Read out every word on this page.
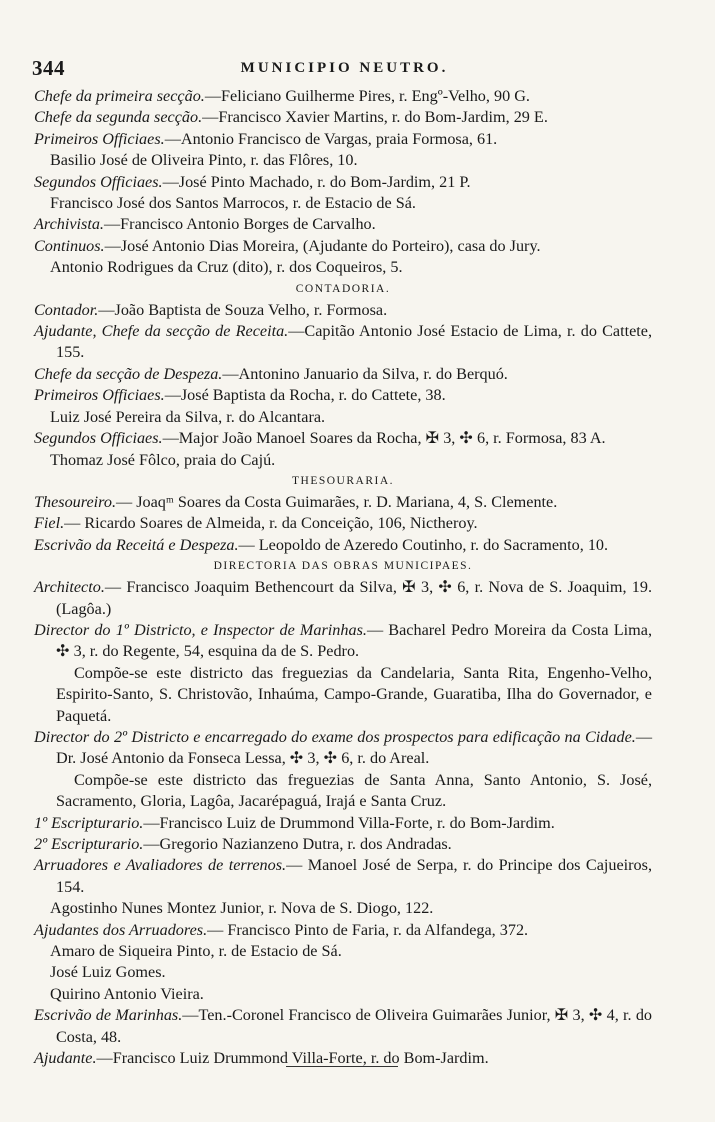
344	MUNICIPIO NEUTRO.

Chefe da primeira secção.—Feliciano Guilherme Pires, r. Engº-Velho, 90 G.

Chefe da segunda secção.—Francisco Xavier Martins, r. do Bom-Jardim, 29 E.

Primeiros Officiaes.—Antonio Francisco de Vargas, praia Formosa, 61.

Basilio José de Oliveira Pinto, r. das Flôres, 10.

Segundos Officiaes.—José Pinto Machado, r. do Bom-Jardim, 21 P.

Francisco José dos Santos Marrocos, r. de Estacio de Sá.

Archivista.—Francisco Antonio Borges de Carvalho.

Continuos.—José Antonio Dias Moreira, (Ajudante do Porteiro), casa do Jury.

Antonio Rodrigues da Cruz (dito), r. dos Coqueiros, 5.

CONTADORIA.

Contador.—João Baptista de Souza Velho, r. Formosa.

Ajudante, Chefe da secção de Receita.—Capitão Antonio José Estacio de Lima, r. do Cattete, 155.

Chefe da secção de Despeza.—Antonino Januario da Silva, r. do Berquó.

Primeiros Officiaes.—José Baptista da Rocha, r. do Cattete, 38.

Luiz José Pereira da Silva, r. do Alcantara.

Segundos Officiaes.—Major João Manoel Soares da Rocha, ✠ 3, ✣ 6, r. Formosa, 83 A.

Thomaz José Fôlco, praia do Cajú.

THESOURARIA.

Thesoureiro.— Joaqᵐ Soares da Costa Guimarães, r. D. Mariana, 4, S. Clemente.

Fiel.— Ricardo Soares de Almeida, r. da Conceição, 106, Nictheroy.

Escrivão da Receitá e Despeza.— Leopoldo de Azeredo Coutinho, r. do Sacramento, 10.

DIRECTORIA DAS OBRAS MUNICIPAES.

Architecto.— Francisco Joaquim Bethencourt da Silva, ✠ 3, ✣ 6, r. Nova de S. Joaquim, 19. (Lagôa.)

Director do 1º Districto, e Inspector de Marinhas.— Bacharel Pedro Moreira da Costa Lima, ✣ 3, r. do Regente, 54, esquina da de S. Pedro.

Compõe-se este districto das freguezias da Candelaria, Santa Rita, Engenho-Velho, Espirito-Santo, S. Christovão, Inhaúma, Campo-Grande, Guaratiba, Ilha do Governador, e Paquetá.

Director do 2º Districto e encarregado do exame dos prospectos para edificação na Cidade.—Dr. José Antonio da Fonseca Lessa, ✣ 3, ✣ 6, r. do Areal.

Compõe-se este districto das freguezias de Santa Anna, Santo Antonio, S. José, Sacramento, Gloria, Lagôa, Jacarépaguá, Irajá e Santa Cruz.

1º Escripturario.—Francisco Luiz de Drummond Villa-Forte, r. do Bom-Jardim.

2º Escripturario.—Gregorio Nazianzeno Dutra, r. dos Andradas.

Arruadores e Avaliadores de terrenos.— Manoel José de Serpa, r. do Principe dos Cajueiros, 154.

Agostinho Nunes Montez Junior, r. Nova de S. Diogo, 122.

Ajudantes dos Arruadores.— Francisco Pinto de Faria, r. da Alfandega, 372.

Amaro de Siqueira Pinto, r. de Estacio de Sá.

José Luiz Gomes.

Quirino Antonio Vieira.

Escrivão de Marinhas.—Ten.-Coronel Francisco de Oliveira Guimarães Junior, ✠ 3, ✣ 4, r. do Costa, 48.

Ajudante.—Francisco Luiz Drummond Villa-Forte, r. do Bom-Jardim.
